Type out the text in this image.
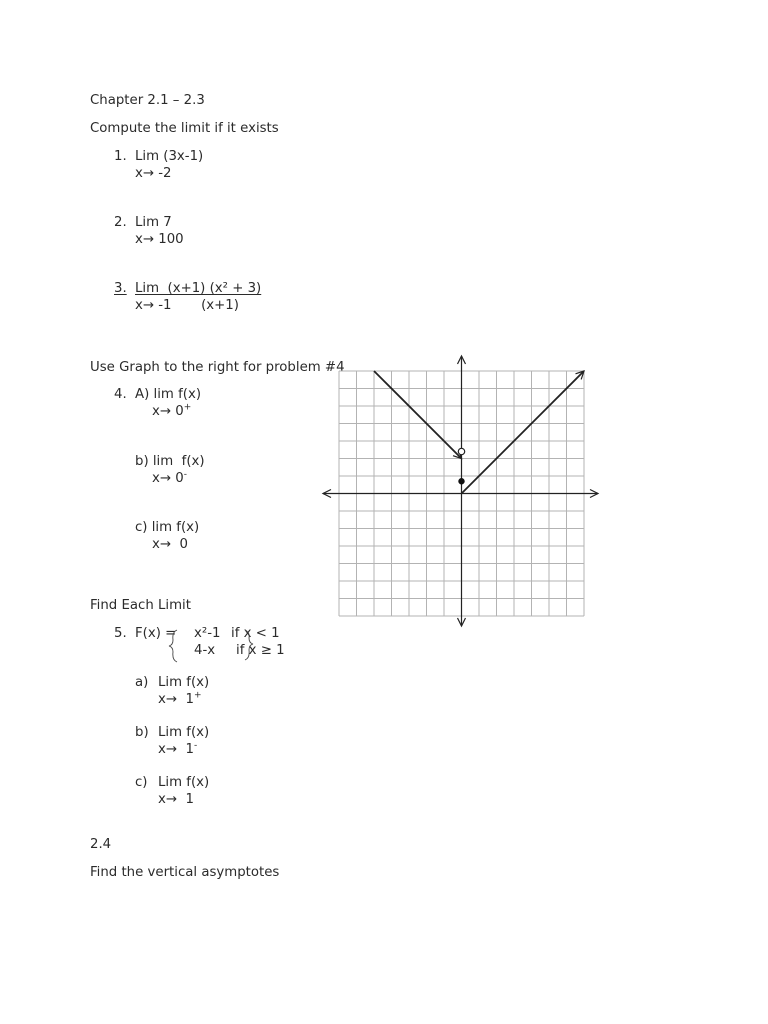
Chapter 2.1 – 2.3
Compute the limit if it exists
1. Lim (3x-1)
x→ -2
2. Lim 7
x→ 100
3. Lim  (x+1) (x² + 3)
x→ -1       (x+1)
Use Graph to the right for problem #4
4. A) lim f(x)
x→ 0+
b) lim  f(x)
x→ 0-
c) lim f(x)
x→  0
Find Each Limit
5. F(x) = x²-1 if x < 1
4-x if x ≥ 1
a) Lim f(x)
x→  1+
b) Lim f(x)
x→  1-
c) Lim f(x)
x→  1
2.4
Find the vertical asymptotes
